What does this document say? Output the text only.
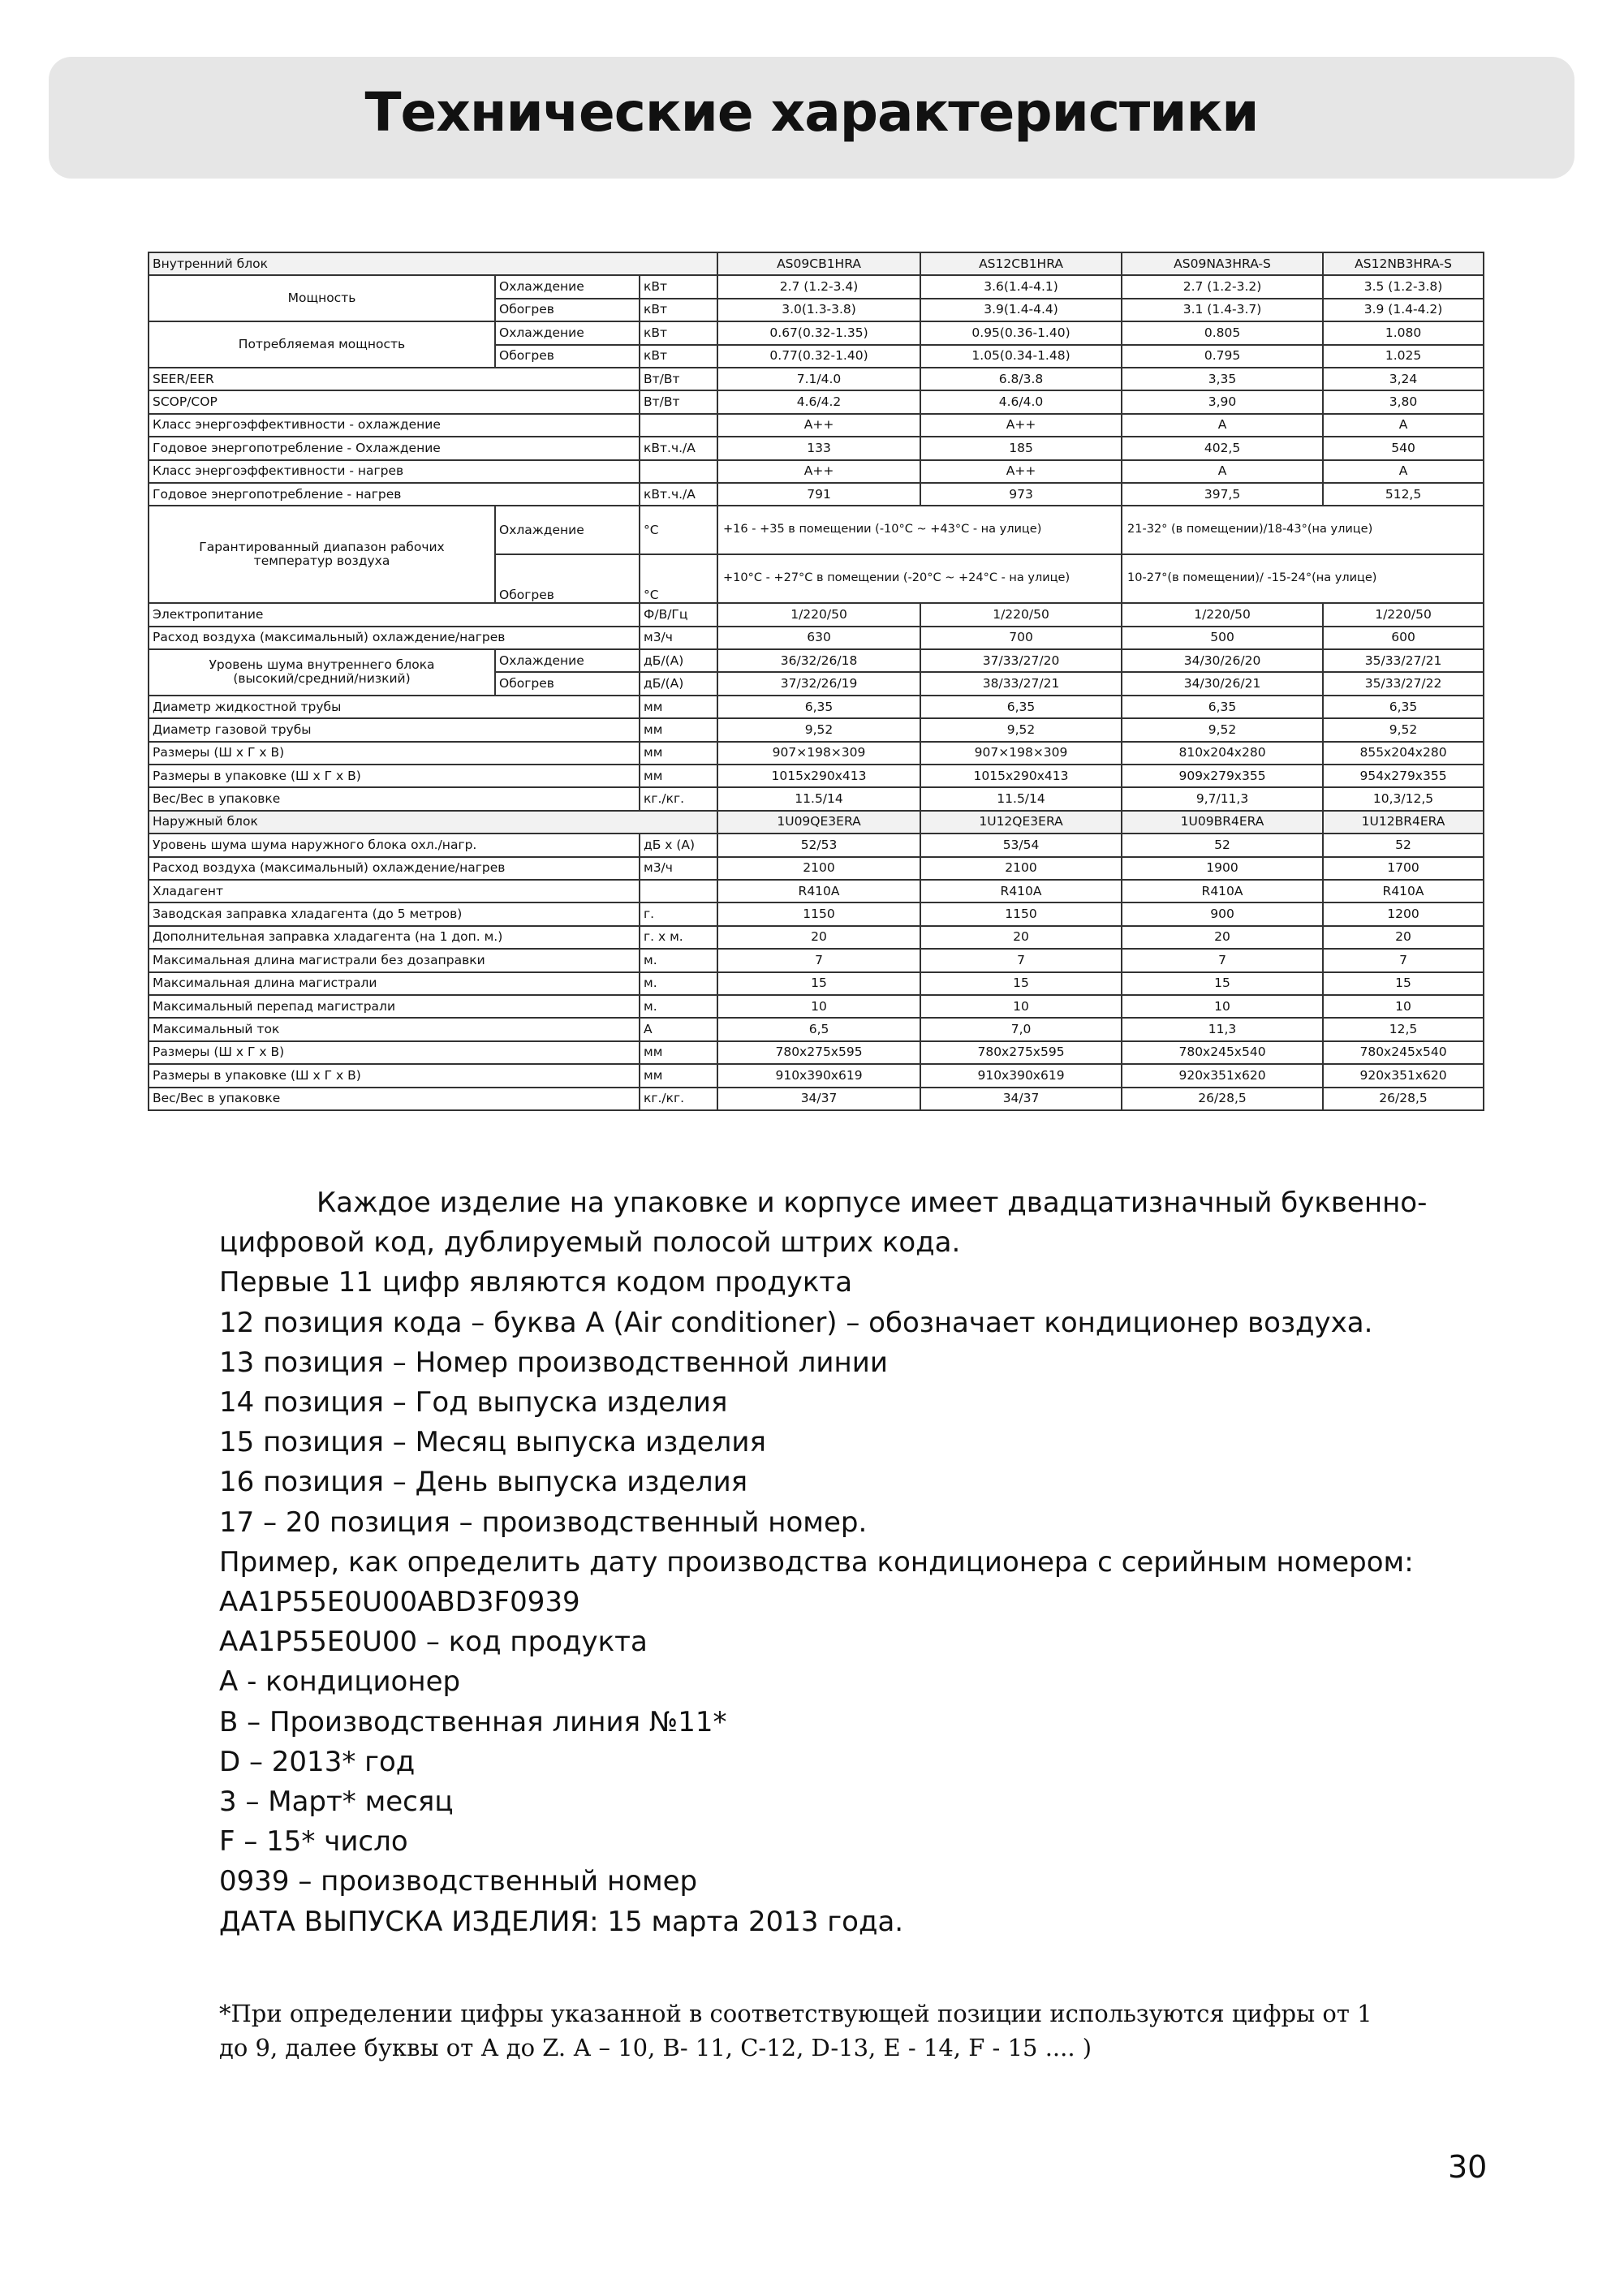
Технические характеристики
Внутренний блок			AS09CB1HRA	AS12CB1HRA	AS09NA3HRA-S	AS12NB3HRA-S
Мощность	Охлаждение	кВт	2.7 (1.2-3.4)	3.6(1.4-4.1)	2.7 (1.2-3.2)	3.5 (1.2-3.8)
	Обогрев	кВт	3.0(1.3-3.8)	3.9(1.4-4.4)	3.1 (1.4-3.7)	3.9 (1.4-4.2)
Потребляемая мощность	Охлаждение	кВт	0.67(0.32-1.35)	0.95(0.36-1.40)	0.805	1.080
	Обогрев	кВт	0.77(0.32-1.40)	1.05(0.34-1.48)	0.795	1.025
SEER/EER		Вт/Вт	7.1/4.0	6.8/3.8	3,35	3,24
SCOP/COP		Вт/Вт	4.6/4.2	4.6/4.0	3,90	3,80
Класс энергоэффективности - охлаждение			A++	A++	A	A
Годовое энергопотребление - Охлаждение		кВт.ч./А	133	185	402,5	540
Класс энергоэффективности - нагрев			A++	A++	A	A
Годовое энергопотребление - нагрев		кВт.ч./А	791	973	397,5	512,5
Гарантированный диапазон рабочих
температур воздуха	Охлаждение	°С	+16 - +35 в помещении (-10°С ~ +43°С - на улице)		21-32° (в помещении)/18-43°(на улице)	
	Обогрев	°С	+10°С - +27°С в помещении (-20°С ~ +24°С - на улице)		10-27°(в помещении)/ -15-24°(на улице)	
Электропитание		Ф/В/Гц	1/220/50	1/220/50	1/220/50	1/220/50
Расход воздуха (максимальный) охлаждение/нагрев		м3/ч	630	700	500	600
Уровень шума внутреннего блока
(высокий/средний/низкий)	Охлаждение	дБ/(А)	36/32/26/18	37/33/27/20	34/30/26/20	35/33/27/21
	Обогрев	дБ/(А)	37/32/26/19	38/33/27/21	34/30/26/21	35/33/27/22
Диаметр жидкостной трубы		мм	6,35	6,35	6,35	6,35
Диаметр газовой трубы		мм	9,52	9,52	9,52	9,52
Размеры (Ш х Г х В)		мм	907×198×309	907×198×309	810x204x280	855x204x280
Размеры в упаковке (Ш х Г х В)		мм	1015x290x413	1015x290x413	909x279x355	954x279x355
Вес/Вес в упаковке		кг./кг.	11.5/14	11.5/14	9,7/11,3	10,3/12,5
Наружный блок			1U09QE3ERA	1U12QE3ERA	1U09BR4ERA	1U12BR4ERA
Уровень шума шума наружного блока охл./нагр.		дБ х (А)	52/53	53/54	52	52
Расход воздуха (максимальный) охлаждение/нагрев		м3/ч	2100	2100	1900	1700
Хладагент			R410A	R410A	R410A	R410A
Заводская заправка хладагента (до 5 метров)		г.	1150	1150	900	1200
Дополнительная заправка хладагента (на 1 доп. м.)		г. х м.	20	20	20	20
Максимальная длина магистрали без дозаправки		м.	7	7	7	7
Максимальная длина магистрали		м.	15	15	15	15
Максимальный перепад магистрали		м.	10	10	10	10
Максимальный ток		А	6,5	7,0	11,3	12,5
Размеры (Ш х Г х В)		мм	780x275x595	780x275x595	780x245x540	780x245x540
Размеры в упаковке (Ш х Г х В)		мм	910x390x619	910x390x619	920x351x620	920x351x620
Вес/Вес в упаковке		кг./кг.	34/37	34/37	26/28,5	26/28,5

Каждое изделие на упаковке и корпусе имеет двадцатизначный буквенно-

цифровой код, дублируемый полосой штрих кода.

Первые 11 цифр являются кодом продукта

12 позиция кода – буква А (Air conditioner) – обозначает кондиционер воздуха.

13 позиция – Номер производственной линии

14 позиция – Год выпуска изделия

15 позиция – Месяц выпуска изделия

16 позиция – День выпуска изделия

17 – 20 позиция – производственный номер.

Пример, как определить дату производства кондиционера с серийным номером:

AA1P55E0U00ABD3F0939

AA1P55E0U00 – код продукта

А - кондиционер

В – Производственная линия №11*

D – 2013* год

3 – Март* месяц

F – 15* число

0939 – производственный номер

ДАТА ВЫПУСКА ИЗДЕЛИЯ: 15 марта 2013 года.

*При определении цифры указанной в соответствующей позиции используются цифры от 1

до 9, далее буквы от А до Z. А – 10, В- 11, С-12, D-13, Е - 14, F - 15 .... )

30
